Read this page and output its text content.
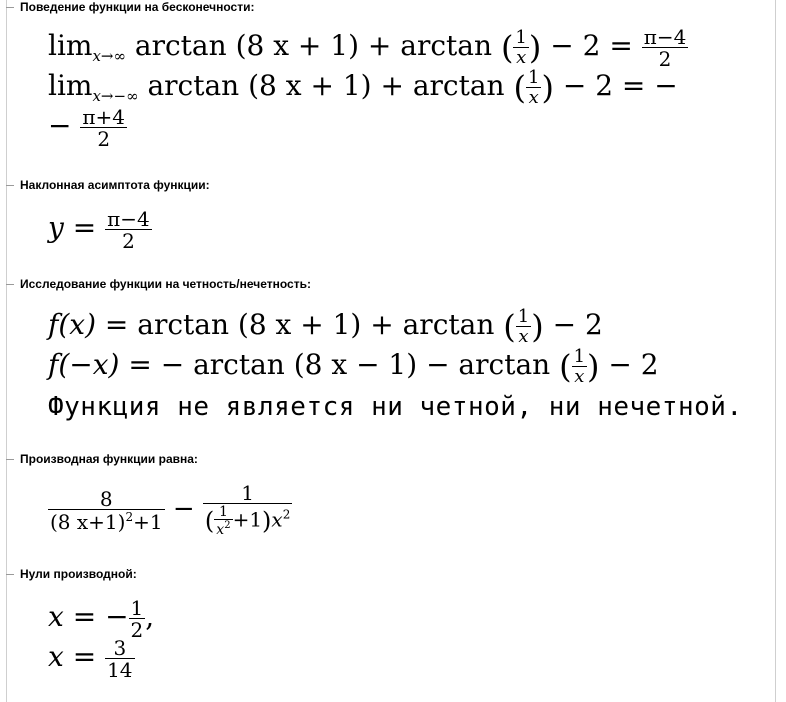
Поведение функции на бесконечности:
$\lim_{x\to\infty} \arctan (8$ x + 1) + arctan ( $\frac{1}{x}$ ) − $2 = \frac{\pi-4}{2}$
$\lim_{x\to-\infty} \arctan (8$ x + 1) + arctan ( $\frac{1}{x}$ ) − 2 = −
− $\frac{\pi+4}{2}$
Наклонная асимптота функции:
$y = \frac{\pi-4}{2}$
Исследование функции на четность/нечетность:
f(x) = arctan (8 x + 1) + arctan ( $\frac{1}{x}$ ) − 2
f(−x) = − arctan (8 x − 1) − arctan ( $\frac{1}{x}$ ) − 2
Функция не является ни четной, ни нечетной.
Производная функции равна:
$\frac{8}{(8 x+1)^2+1} - \frac{1}{( \frac{1}{x^2} +1)x^2}$
Нули производной:
x = − $\frac{1}{2}$ ,
$x = \frac{3}{14}$
